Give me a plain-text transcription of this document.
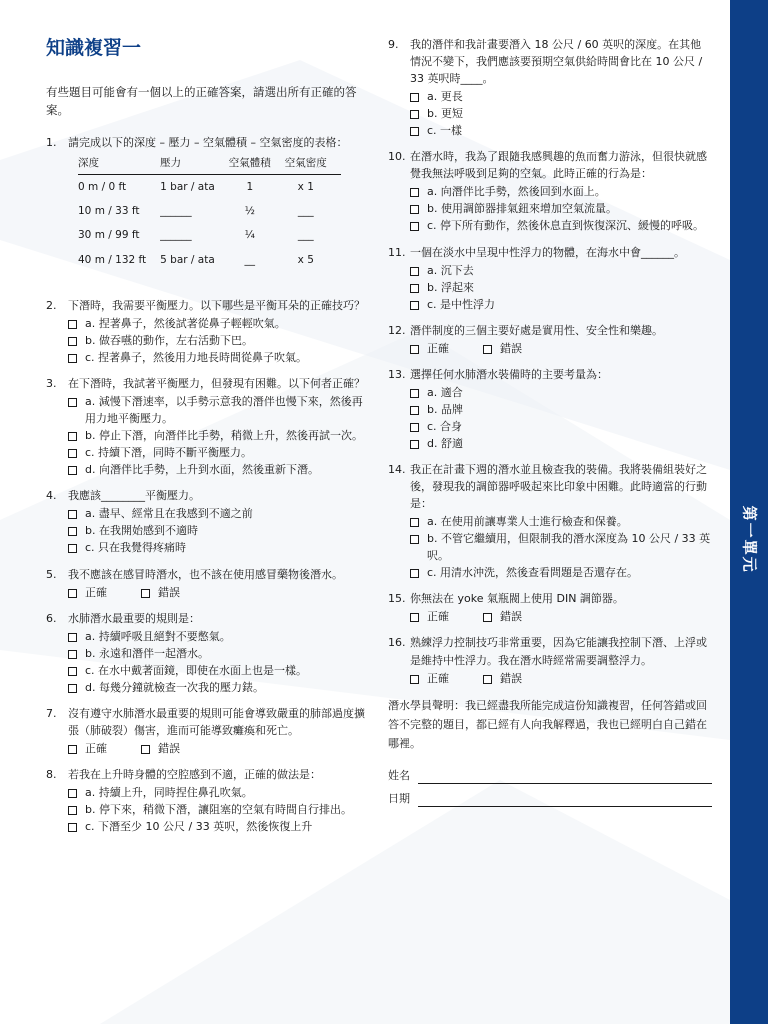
第一單元
知識複習一
有些題目可能會有一個以上的正確答案，請選出所有正確的答案。
1.	請完成以下的深度 – 壓力 – 空氣體積 – 空氣密度的表格：
深度	壓力	空氣體積	空氣密度
0 m / 0 ft	1 bar / ata	1	x 1
10 m / 33 ft	______	½	___
30 m / 99 ft	______	¼	___
40 m / 132 ft	5 bar / ata	__	x 5
2.	下潛時，我需要平衡壓力。以下哪些是平衡耳朵的正確技巧？
a. 捏著鼻子，然後試著從鼻子輕輕吹氣。
b. 做吞嚥的動作，左右活動下巴。
c. 捏著鼻子，然後用力地長時間從鼻子吹氣。
3.	在下潛時，我試著平衡壓力，但發現有困難。以下何者正確？
a. 減慢下潛速率，以手勢示意我的潛伴也慢下來，然後再用力地平衡壓力。
b. 停止下潛，向潛伴比手勢，稍微上升，然後再試一次。
c. 持續下潛，同時不斷平衡壓力。
d. 向潛伴比手勢，上升到水面，然後重新下潛。
4.	我應該________平衡壓力。
a. 盡早、經常且在我感到不適之前
b. 在我開始感到不適時
c. 只在我覺得疼痛時
5.	我不應該在感冒時潛水，也不該在使用感冒藥物後潛水。
正確	錯誤
6.	水肺潛水最重要的規則是：
a. 持續呼吸且絕對不要憋氣。
b. 永遠和潛伴一起潛水。
c. 在水中戴著面鏡，即使在水面上也是一樣。
d. 每幾分鐘就檢查一次我的壓力錶。
7.	沒有遵守水肺潛水最重要的規則可能會導致嚴重的肺部過度擴張（肺破裂）傷害，進而可能導致癱瘓和死亡。
正確	錯誤
8.	若我在上升時身體的空腔感到不適，正確的做法是：
a. 持續上升，同時捏住鼻孔吹氣。
b. 停下來，稍微下潛，讓阻塞的空氣有時間自行排出。
c. 下潛至少 10 公尺 / 33 英呎，然後恢復上升
9.	我的潛伴和我計畫要潛入 18 公尺 / 60 英呎的深度。在其他情況不變下，我們應該要預期空氣供給時間會比在 10 公尺 / 33 英呎時____。
a. 更長
b. 更短
c. 一樣
10. 在潛水時，我為了跟隨我感興趣的魚而奮力游泳，但很快就感覺我無法呼吸到足夠的空氣。此時正確的行為是：
a. 向潛伴比手勢，然後回到水面上。
b. 使用調節器排氣鈕來增加空氣流量。
c. 停下所有動作，然後休息直到恢復深沉、緩慢的呼吸。
11. 一個在淡水中呈現中性浮力的物體，在海水中會______。
a. 沉下去
b. 浮起來
c. 是中性浮力
12. 潛伴制度的三個主要好處是實用性、安全性和樂趣。
正確	錯誤
13. 選擇任何水肺潛水裝備時的主要考量為：
a. 適合
b. 品牌
c. 合身
d. 舒適
14. 我正在計畫下週的潛水並且檢查我的裝備。我將裝備組裝好之後，發現我的調節器呼吸起來比印象中困難。此時適當的行動是：
a. 在使用前讓專業人士進行檢查和保養。
b. 不管它繼續用，但限制我的潛水深度為 10 公尺 / 33 英呎。
c. 用清水沖洗，然後查看問題是否還存在。
15. 你無法在 yoke 氣瓶閥上使用 DIN 調節器。
正確	錯誤
16. 熟練浮力控制技巧非常重要，因為它能讓我控制下潛、上浮或是維持中性浮力。我在潛水時經常需要調整浮力。
正確	錯誤
潛水學員聲明：我已經盡我所能完成這份知識複習，任何答錯或回答不完整的題目，都已經有人向我解釋過，我也已經明白自己錯在哪裡。
姓名
日期
